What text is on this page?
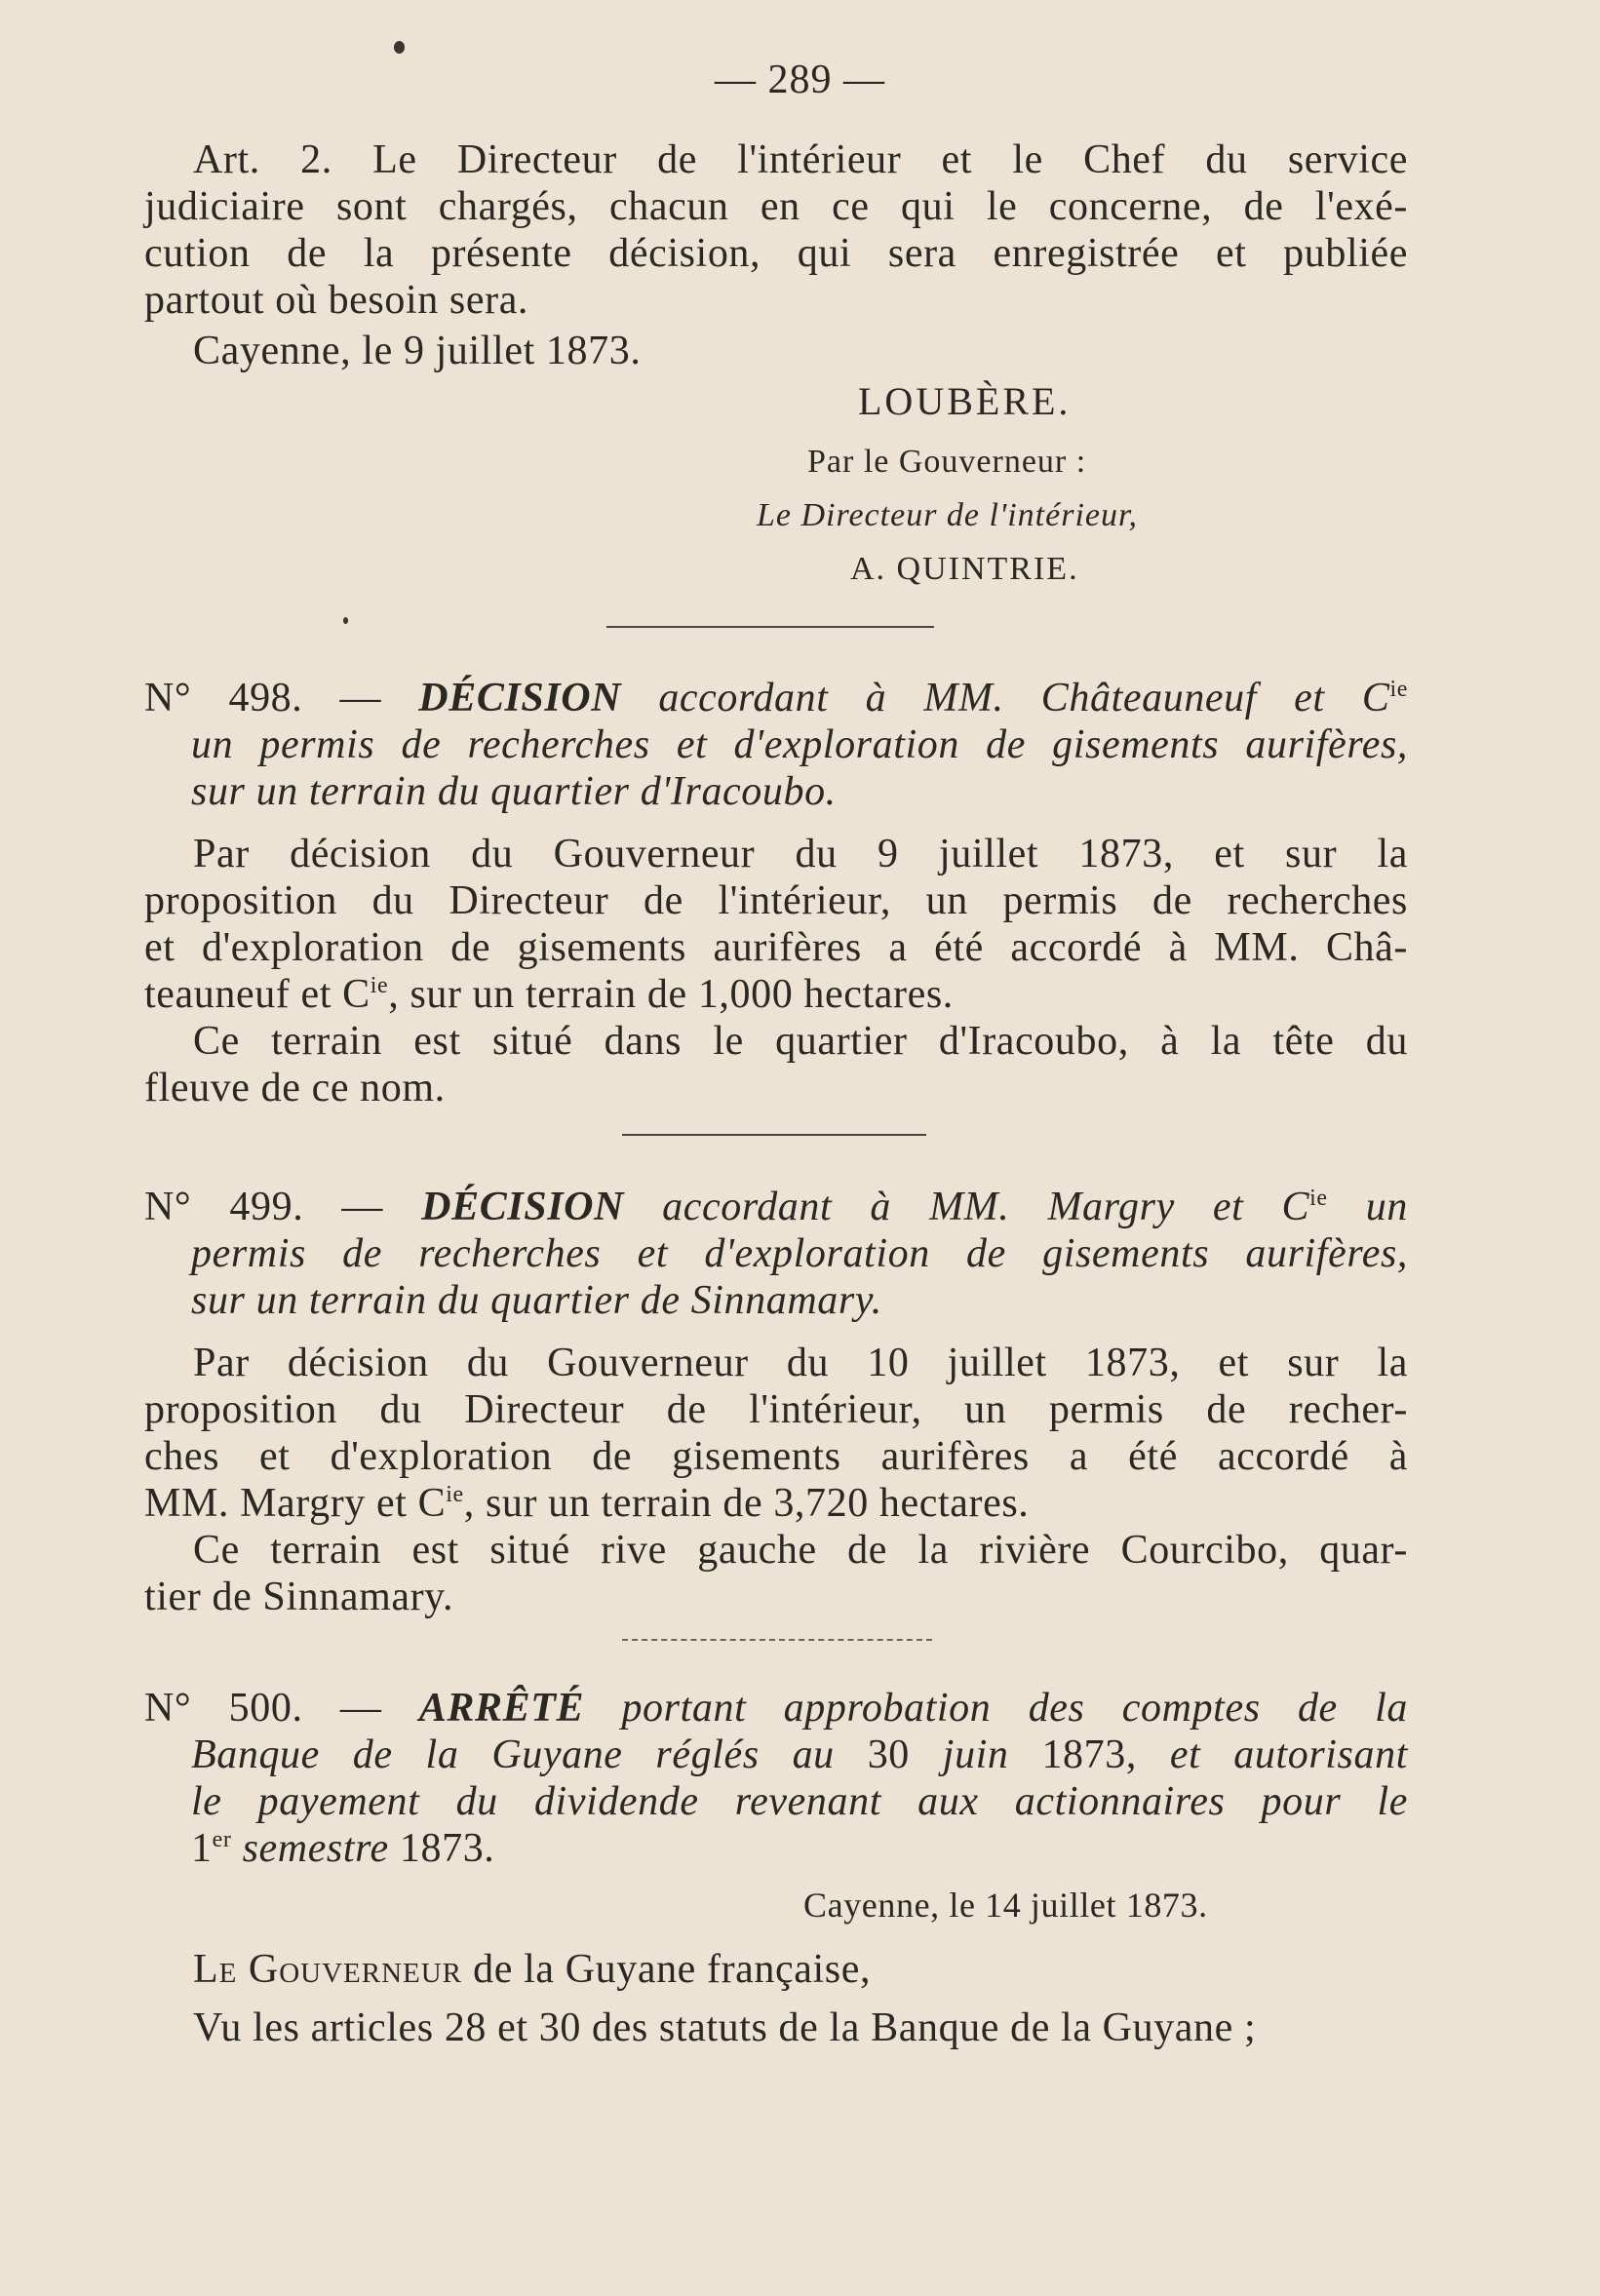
— 289 —
Art. 2. Le Directeur de l'intérieur et le Chef du service
judiciaire sont chargés, chacun en ce qui le concerne, de l'exé-
cution de la présente décision, qui sera enregistrée et publiée
partout où besoin sera.
Cayenne, le 9 juillet 1873.
LOUBÈRE.
Par le Gouverneur :
Le Directeur de l'intérieur,
A. QUINTRIE.
N° 498. — DÉCISION accordant à MM. Châteauneuf et $C^{ie}$
un permis de recherches et d'exploration de gisements aurifères,
sur un terrain du quartier d'Iracoubo.
Par décision du Gouverneur du 9 juillet 1873, et sur la
proposition du Directeur de l'intérieur, un permis de recherches
et d'exploration de gisements aurifères a été accordé à MM. Châ-
teauneuf et $C^{ie}$, sur un terrain de 1,000 hectares.
Ce terrain est situé dans le quartier d'Iracoubo, à la tête du
fleuve de ce nom.
N° 499. — DÉCISION accordant à MM. Margry et $C^{ie}$ un
permis de recherches et d'exploration de gisements aurifères,
sur un terrain du quartier de Sinnamary.
Par décision du Gouverneur du 10 juillet 1873, et sur la
proposition du Directeur de l'intérieur, un permis de recher-
ches et d'exploration de gisements aurifères a été accordé à
MM. Margry et $C^{ie}$, sur un terrain de 3,720 hectares.
Ce terrain est situé rive gauche de la rivière Courcibo, quar-
tier de Sinnamary.
N° 500. — ARRÊTÉ portant approbation des comptes de la
Banque de la Guyane réglés au 30 juin 1873, et autorisant
le payement du dividende revenant aux actionnaires pour le
1er semestre 1873.
Cayenne, le 14 juillet 1873.
Le Gouverneur de la Guyane française,
Vu les articles 28 et 30 des statuts de la Banque de la Guyane ;
